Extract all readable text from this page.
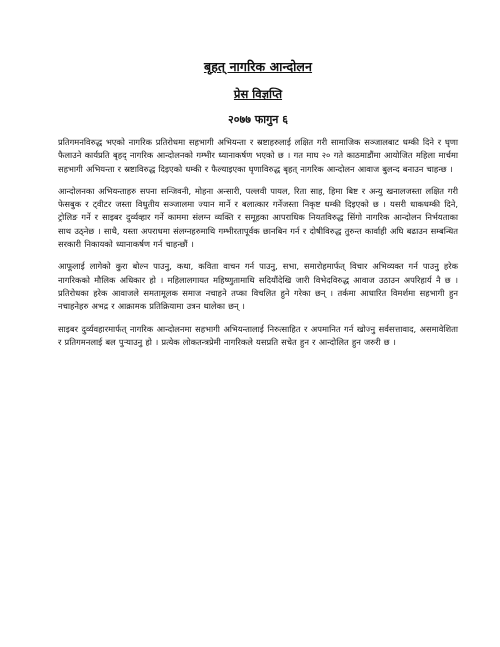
बृहत् नागरिक आन्दोलन
प्रेस विज्ञप्ति
२०७७ फागुन ६

प्रतिगमनविरुद्ध भएको नागरिक प्रतिरोधमा सहभागी अभियन्ता र स्रष्टाहरुलाई लक्षित गरी सामाजिक सञ्जालबाट धम्की दिने र घृणा फैलाउने कार्यप्रति बृहद् नागरिक आन्दोलनको गम्भीर ध्यानाकर्षण भएको छ । गत माघ २० गते काठमाडौंमा आयोजित महिला मार्चमा सहभागी अभियन्ता र स्रष्टाविरुद्ध दिइएको धम्की र फैल्याइएका घृणाविरुद्ध बृहत् नागरिक आन्दोलन आवाज बुलन्द बनाउन चाहन्छ ।

आन्दोलनका अभियन्ताहरु सपना सन्जिवनी, मोहना अन्सारी, पल्लवी पायल, रिता साह, हिमा बिष्ट र अन्यु खनालजस्ता लक्षित गरी फेसबुक र ट्वीटर जस्ता विधुतीय सञ्जालमा ज्यान मार्ने र बलात्कार गर्नेजस्ता निकृष्ट धम्की दिइएको छ । यसरी धाकधम्की दिने, ट्रोलिङ गर्ने र साइबर दुर्व्यव्हार गर्ने काममा संलग्न व्यक्ति र समूहका आपराधिक नियतविरुद्ध सिंगो नागरिक आन्दोलन निर्भयताका साथ उठ्नेछ । साथै, यस्ता अपराधमा संलग्नहरुमाथि गम्भीरतापूर्वक छानबिन गर्न र दोषीविरुद्ध तुरुन्त कार्वाही अघि बढाउन सम्बन्धित सरकारी निकायको ध्यानाकर्षण गर्न चाहन्छौं ।

आफूलाई लागेको कुरा बोल्न पाउनु, कथा, कविता वाचन गर्न पाउनु, सभा, समारोहमार्फत् विचार अभिव्यक्त गर्न पाउनु हरेक नागरिकको मौलिक अधिकार हो । महिलालगायत महिष्णुतामाथि सदियौंदेखि जारी विभेदविरुद्ध आवाज उठाउन अपरिहार्य नै छ । प्रतिरोधका हरेक आवाजले समतामूलक समाज नचाहने तप्का विचलित हुने गरेका छन् । तर्कमा आधारित विमर्शमा सहभागी हुन नचाहनेहरु अभद्र र आक्रामक प्रतिक्रियामा उत्रन थालेका छन् ।

साइबर दुर्व्यवहारमार्फत् नागरिक आन्दोलनमा सहभागी अभियन्तालाई निरुत्साहित र अपमानित गर्न खोज्नु सर्वसत्तावाद, असमावेशिता र प्रतिगमनलाई बल पुऱ्याउनु हो । प्रत्येक लोकतन्त्रप्रेमी नागरिकले यसप्रति सचेत हुन र आन्दोलित हुन जरुरी छ ।
